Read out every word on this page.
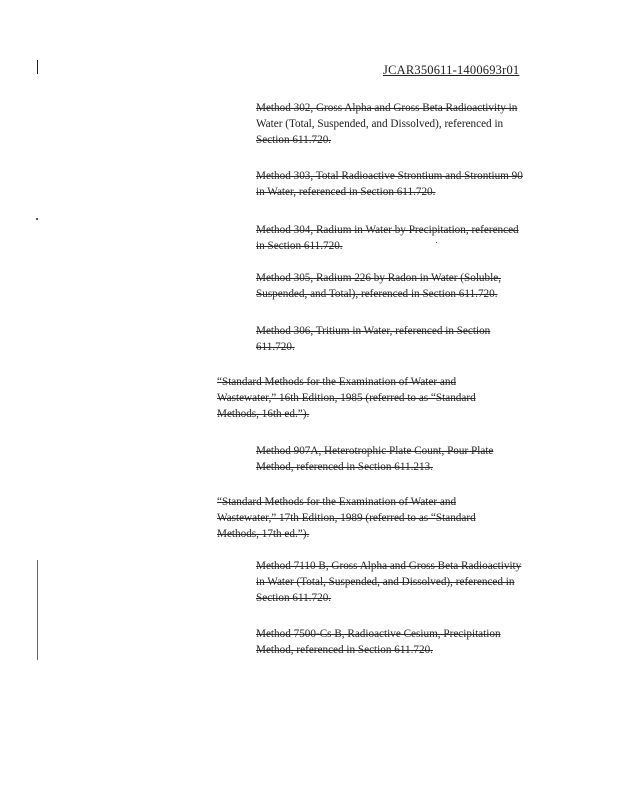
JCAR350611-1400693r01
Method 302, Gross Alpha and Gross Beta Radioactivity in
Water (Total, Suspended, and Dissolved), referenced in
Section 611.720.
Method 303, Total Radioactive Strontium and Strontium 90
in Water, referenced in Section 611.720.
Method 304, Radium in Water by Precipitation, referenced
in Section 611.720.
Method 305, Radium 226 by Radon in Water (Soluble,
Suspended, and Total), referenced in Section 611.720.
Method 306, Tritium in Water, referenced in Section
611.720.
“Standard Methods for the Examination of Water and
Wastewater,” 16th Edition, 1985 (referred to as “Standard
Methods, 16th ed.”).
Method 907A, Heterotrophic Plate Count, Pour Plate
Method, referenced in Section 611.213.
“Standard Methods for the Examination of Water and
Wastewater,” 17th Edition, 1989 (referred to as “Standard
Methods, 17th ed.”).
Method 7110 B, Gross Alpha and Gross Beta Radioactivity
in Water (Total, Suspended, and Dissolved), referenced in
Section 611.720.
Method 7500-Cs B, Radioactive Cesium, Precipitation
Method, referenced in Section 611.720.
